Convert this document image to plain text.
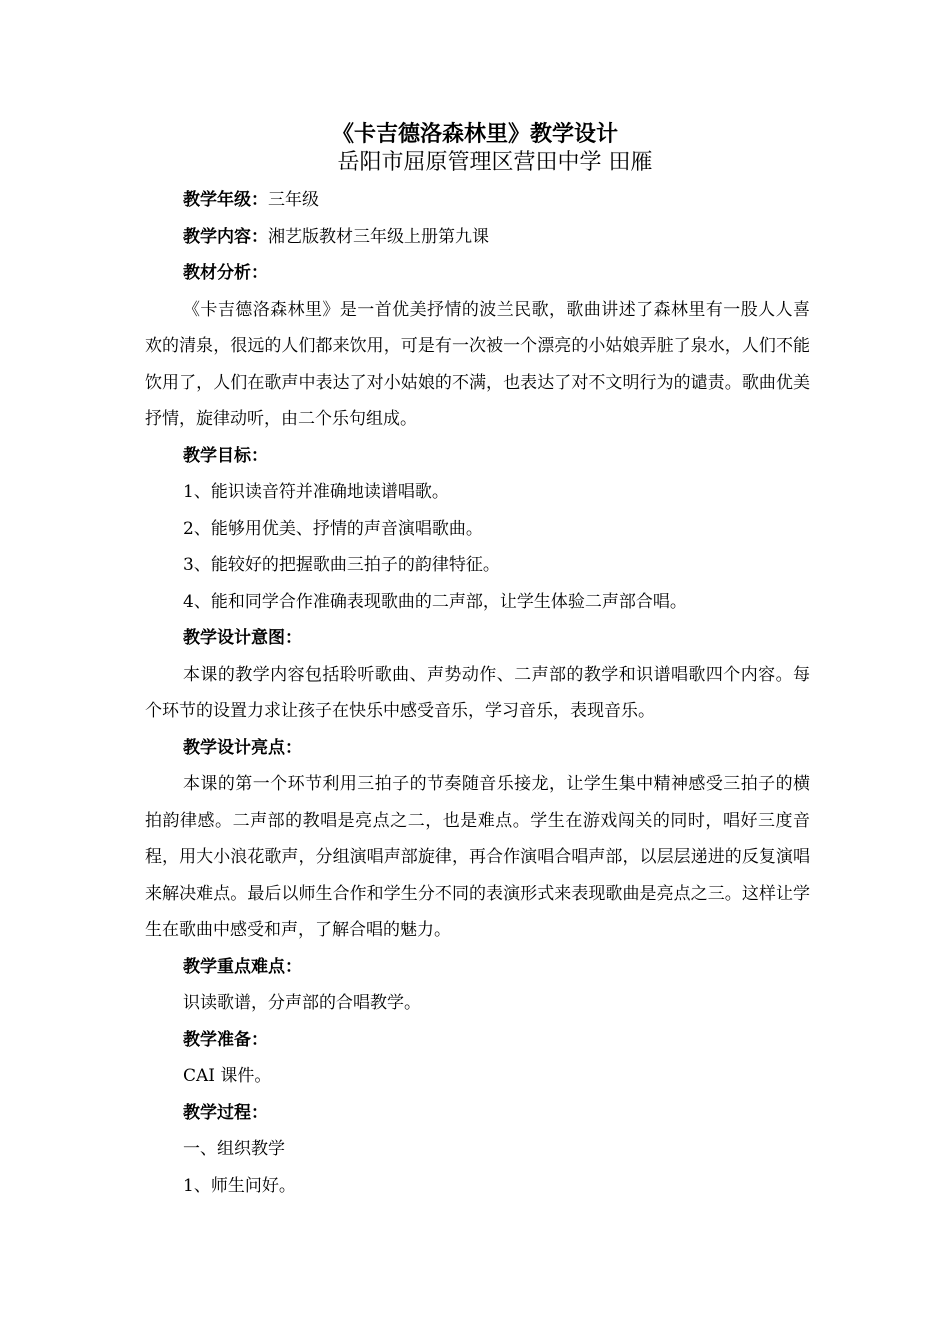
《卡吉德洛森林里》教学设计
岳阳市屈原管理区营田中学 田雁

教学年级：三年级

教学内容：湘艺版教材三年级上册第九课

教材分析：

《卡吉德洛森林里》是一首优美抒情的波兰民歌，歌曲讲述了森林里有一股人人喜欢的清泉，很远的人们都来饮用，可是有一次被一个漂亮的小姑娘弄脏了泉水，人们不能饮用了，人们在歌声中表达了对小姑娘的不满，也表达了对不文明行为的谴责。歌曲优美抒情，旋律动听，由二个乐句组成。

教学目标：

1、能识读音符并准确地读谱唱歌。

2、能够用优美、抒情的声音演唱歌曲。

3、能较好的把握歌曲三拍子的韵律特征。

4、能和同学合作准确表现歌曲的二声部，让学生体验二声部合唱。

教学设计意图：

本课的教学内容包括聆听歌曲、声势动作、二声部的教学和识谱唱歌四个内容。每个环节的设置力求让孩子在快乐中感受音乐，学习音乐，表现音乐。

教学设计亮点：

本课的第一个环节利用三拍子的节奏随音乐接龙，让学生集中精神感受三拍子的横拍韵律感。二声部的教唱是亮点之二，也是难点。学生在游戏闯关的同时，唱好三度音程，用大小浪花歌声，分组演唱声部旋律，再合作演唱合唱声部，以层层递进的反复演唱来解决难点。最后以师生合作和学生分不同的表演形式来表现歌曲是亮点之三。这样让学生在歌曲中感受和声，了解合唱的魅力。

教学重点难点：

识读歌谱，分声部的合唱教学。

教学准备：

CAI 课件。

教学过程：

一、组织教学

1、师生问好。
